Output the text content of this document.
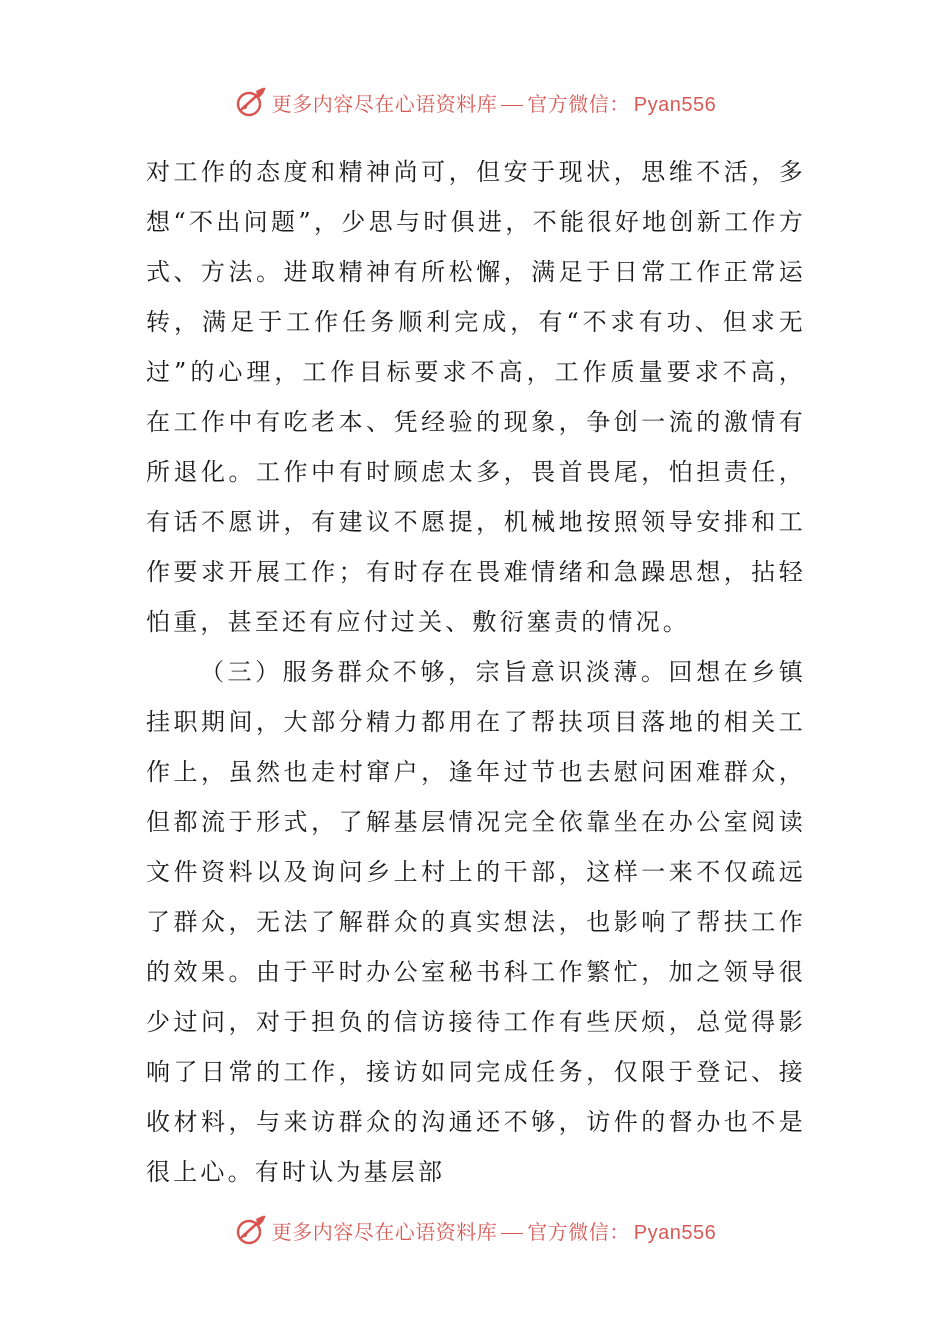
更多内容尽在心语资料库 官方微信： Pyan556

对工作的态度和精神尚可，但安于现状，思维不活，多想“不出问题”，少思与时俱进，不能很好地创新工作方式、方法。进取精神有所松懈，满足于日常工作正常运转，满足于工作任务顺利完成，有“不求有功、但求无过”的心理，工作目标要求不高，工作质量要求不高，在工作中有吃老本、凭经验的现象，争创一流的激情有所退化。工作中有时顾虑太多，畏首畏尾，怕担责任，有话不愿讲，有建议不愿提，机械地按照领导安排和工作要求开展工作；有时存在畏难情绪和急躁思想，拈轻怕重，甚至还有应付过关、敷衍塞责的情况。

（三）服务群众不够，宗旨意识淡薄。回想在乡镇挂职期间，大部分精力都用在了帮扶项目落地的相关工作上，虽然也走村窜户，逢年过节也去慰问困难群众，但都流于形式，了解基层情况完全依靠坐在办公室阅读文件资料以及询问乡上村上的干部，这样一来不仅疏远了群众，无法了解群众的真实想法，也影响了帮扶工作的效果。由于平时办公室秘书科工作繁忙，加之领导很少过问，对于担负的信访接待工作有些厌烦，总觉得影响了日常的工作，接访如同完成任务，仅限于登记、接收材料，与来访群众的沟通还不够，访件的督办也不是很上心。有时认为基层部

更多内容尽在心语资料库 官方微信： Pyan556
